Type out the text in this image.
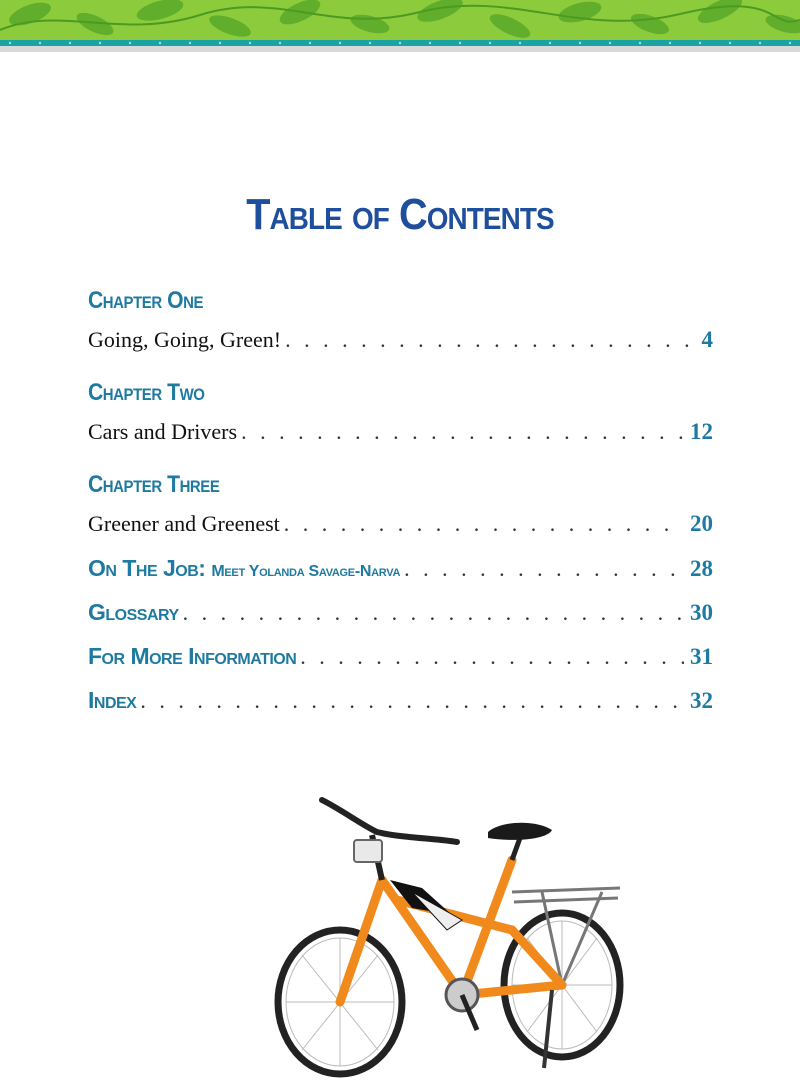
Table of Contents
Chapter One
Going, Going, Green! . . .	4
Chapter Two
Cars and Drivers . . .	12
Chapter Three
Greener and Greenest . . .	20
On The Job: Meet Yolanda Savage-Narva . . .	28
Glossary . . .	30
For More Information . . .	31
Index . . .	32
